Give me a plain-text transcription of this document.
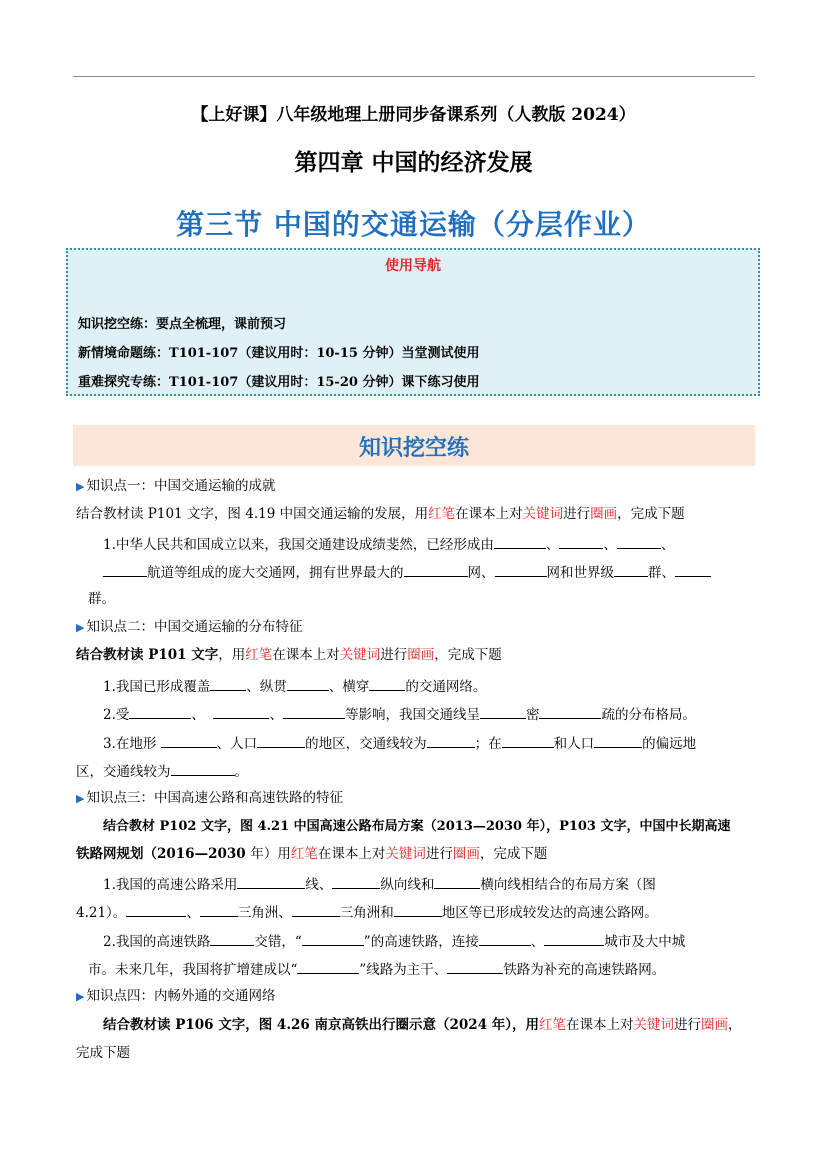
【上好课】八年级地理上册同步备课系列（人教版 2024）
第四章 中国的经济发展
第三节 中国的交通运输（分层作业）
使用导航
知识挖空练：要点全梳理，课前预习
新情境命题练：T101-107（建议用时：10-15 分钟）当堂测试使用
重难探究专练：T101-107（建议用时：15-20 分钟）课下练习使用
知识挖空练
▶ 知识点一：中国交通运输的成就
结合教材读 P101 文字，图 4.19 中国交通运输的发展，用红笔在课本上对关键词进行圈画，完成下题
1.中华人民共和国成立以来，我国交通建设成绩斐然，已经形成由	、	、	、
航道等组成的庞大交通网，拥有世界最大的	网、	网和世界级	群、
群。
▶ 知识点二：中国交通运输的分布特征
结合教材读 P101 文字，用红笔在课本上对关键词进行圈画，完成下题
1.我国已形成覆盖	、纵贯	、横穿	的交通网络。
2.受	、	、	等影响，我国交通线呈	密	疏的分布格局。
3.在地形	、人口	的地区，交通线较为	；在	和人口	的偏远地
区，交通线较为	。
▶ 知识点三：中国高速公路和高速铁路的特征
结合教材 P102 文字，图 4.21 中国高速公路布局方案（2013—2030 年），P103 文字，中国中长期高速
铁路网规划（2016—2030 年）用红笔在课本上对关键词进行圈画，完成下题
1.我国的高速公路采用	线、	纵向线和	横向线相结合的布局方案（图
4.21）。	、	三角洲、	三角洲和	地区等已形成较发达的高速公路网。
2.我国的高速铁路	交错，“	”的高速铁路，连接	、	城市及大中城
市。未来几年，我国将扩增建成以“	”线路为主干、	铁路为补充的高速铁路网。
▶ 知识点四：内畅外通的交通网络
结合教材读 P106 文字，图 4.26 南京高铁出行圈示意（2024 年），用红笔在课本上对关键词进行圈画，
完成下题
